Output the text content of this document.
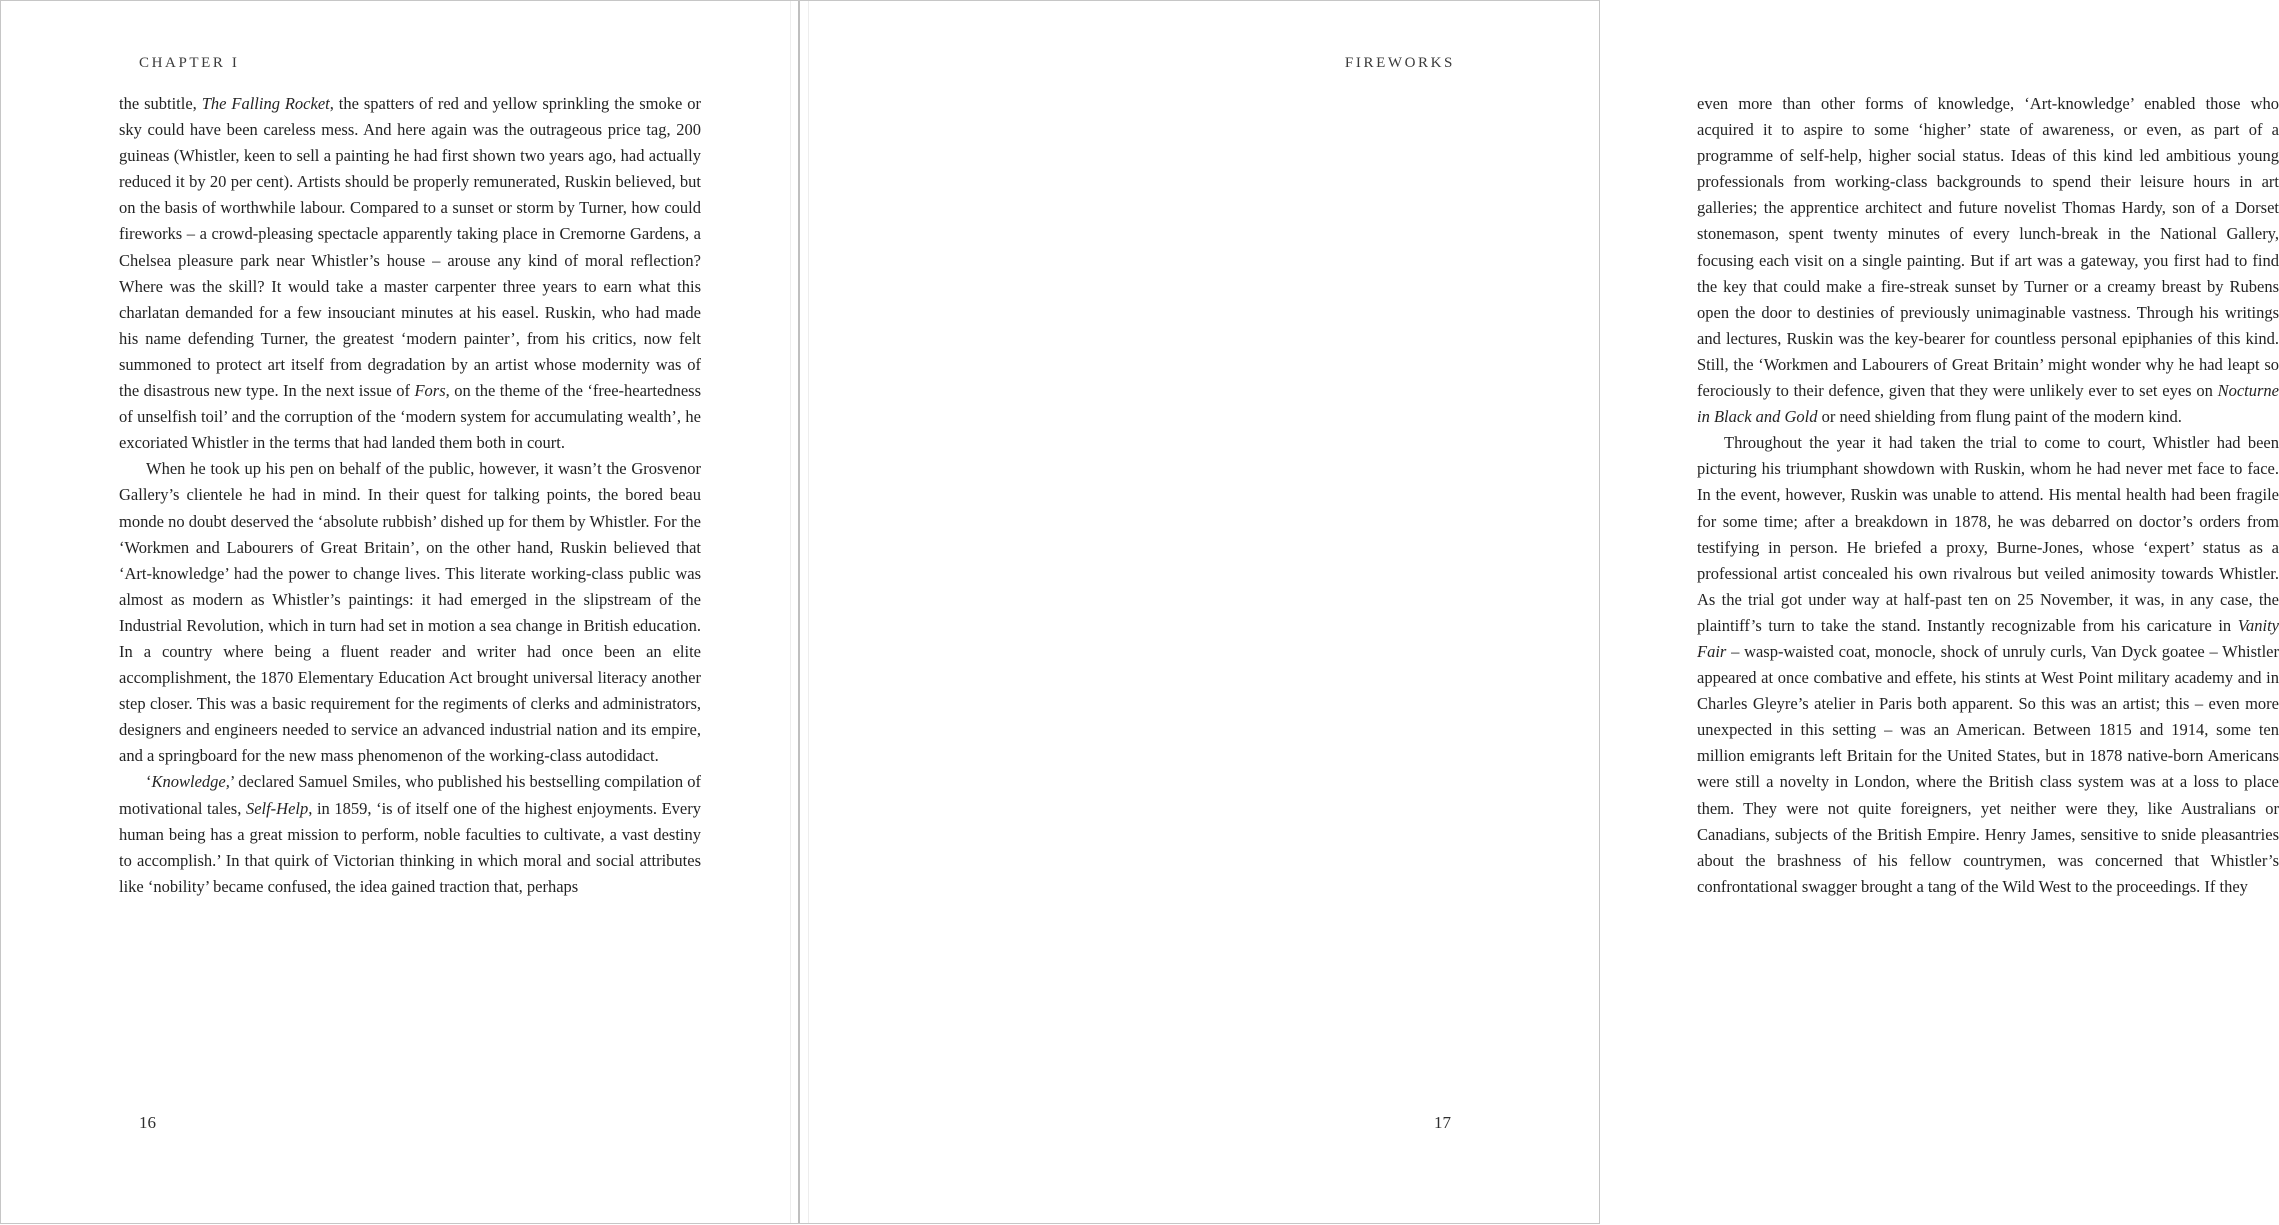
CHAPTER I

the subtitle, The Falling Rocket, the spatters of red and yellow sprinkling the smoke or sky could have been careless mess. And here again was the outrageous price tag, 200 guineas (Whistler, keen to sell a painting he had first shown two years ago, had actually reduced it by 20 per cent). Artists should be properly remunerated, Ruskin believed, but on the basis of worthwhile labour. Compared to a sunset or storm by Turner, how could fireworks – a crowd-pleasing spectacle apparently taking place in Cremorne Gardens, a Chelsea pleasure park near Whistler’s house – arouse any kind of moral reflection? Where was the skill? It would take a master carpenter three years to earn what this charlatan demanded for a few insouciant minutes at his easel. Ruskin, who had made his name defending Turner, the greatest ‘modern painter’, from his critics, now felt summoned to protect art itself from degradation by an artist whose modernity was of the disastrous new type. In the next issue of Fors, on the theme of the ‘free-heartedness of unselfish toil’ and the corruption of the ‘modern system for accumulating wealth’, he excoriated Whistler in the terms that had landed them both in court.

When he took up his pen on behalf of the public, however, it wasn’t the Grosvenor Gallery’s clientele he had in mind. In their quest for talking points, the bored beau monde no doubt deserved the ‘absolute rubbish’ dished up for them by Whistler. For the ‘Workmen and Labourers of Great Britain’, on the other hand, Ruskin believed that ‘Art-knowledge’ had the power to change lives. This literate working-class public was almost as modern as Whistler’s paintings: it had emerged in the slipstream of the Industrial Revolution, which in turn had set in motion a sea change in British education. In a country where being a fluent reader and writer had once been an elite accomplishment, the 1870 Elementary Education Act brought universal literacy another step closer. This was a basic requirement for the regiments of clerks and administrators, designers and engineers needed to service an advanced industrial nation and its empire, and a springboard for the new mass phenomenon of the working-class autodidact.

‘Knowledge,’ declared Samuel Smiles, who published his bestselling compilation of motivational tales, Self-Help, in 1859, ‘is of itself one of the highest enjoyments. Every human being has a great mission to perform, noble faculties to cultivate, a vast destiny to accomplish.’ In that quirk of Victorian thinking in which moral and social attributes like ‘nobility’ became confused, the idea gained traction that, perhaps

16
FIREWORKS

even more than other forms of knowledge, ‘Art-knowledge’ enabled those who acquired it to aspire to some ‘higher’ state of awareness, or even, as part of a programme of self-help, higher social status. Ideas of this kind led ambitious young professionals from working-class backgrounds to spend their leisure hours in art galleries; the apprentice architect and future novelist Thomas Hardy, son of a Dorset stonemason, spent twenty minutes of every lunch-break in the National Gallery, focusing each visit on a single painting. But if art was a gateway, you first had to find the key that could make a fire-streak sunset by Turner or a creamy breast by Rubens open the door to destinies of previously unimaginable vastness. Through his writings and lectures, Ruskin was the key-bearer for countless personal epiphanies of this kind. Still, the ‘Workmen and Labourers of Great Britain’ might wonder why he had leapt so ferociously to their defence, given that they were unlikely ever to set eyes on Nocturne in Black and Gold or need shielding from flung paint of the modern kind.

Throughout the year it had taken the trial to come to court, Whistler had been picturing his triumphant showdown with Ruskin, whom he had never met face to face. In the event, however, Ruskin was unable to attend. His mental health had been fragile for some time; after a breakdown in 1878, he was debarred on doctor’s orders from testifying in person. He briefed a proxy, Burne-Jones, whose ‘expert’ status as a professional artist concealed his own rivalrous but veiled animosity towards Whistler. As the trial got under way at half-past ten on 25 November, it was, in any case, the plaintiff’s turn to take the stand. Instantly recognizable from his caricature in Vanity Fair – wasp-waisted coat, monocle, shock of unruly curls, Van Dyck goatee – Whistler appeared at once combative and effete, his stints at West Point military academy and in Charles Gleyre’s atelier in Paris both apparent. So this was an artist; this – even more unexpected in this setting – was an American. Between 1815 and 1914, some ten million emigrants left Britain for the United States, but in 1878 native-born Americans were still a novelty in London, where the British class system was at a loss to place them. They were not quite foreigners, yet neither were they, like Australians or Canadians, subjects of the British Empire. Henry James, sensitive to snide pleasantries about the brashness of his fellow countrymen, was concerned that Whistler’s confrontational swagger brought a tang of the Wild West to the proceedings. If they

17
